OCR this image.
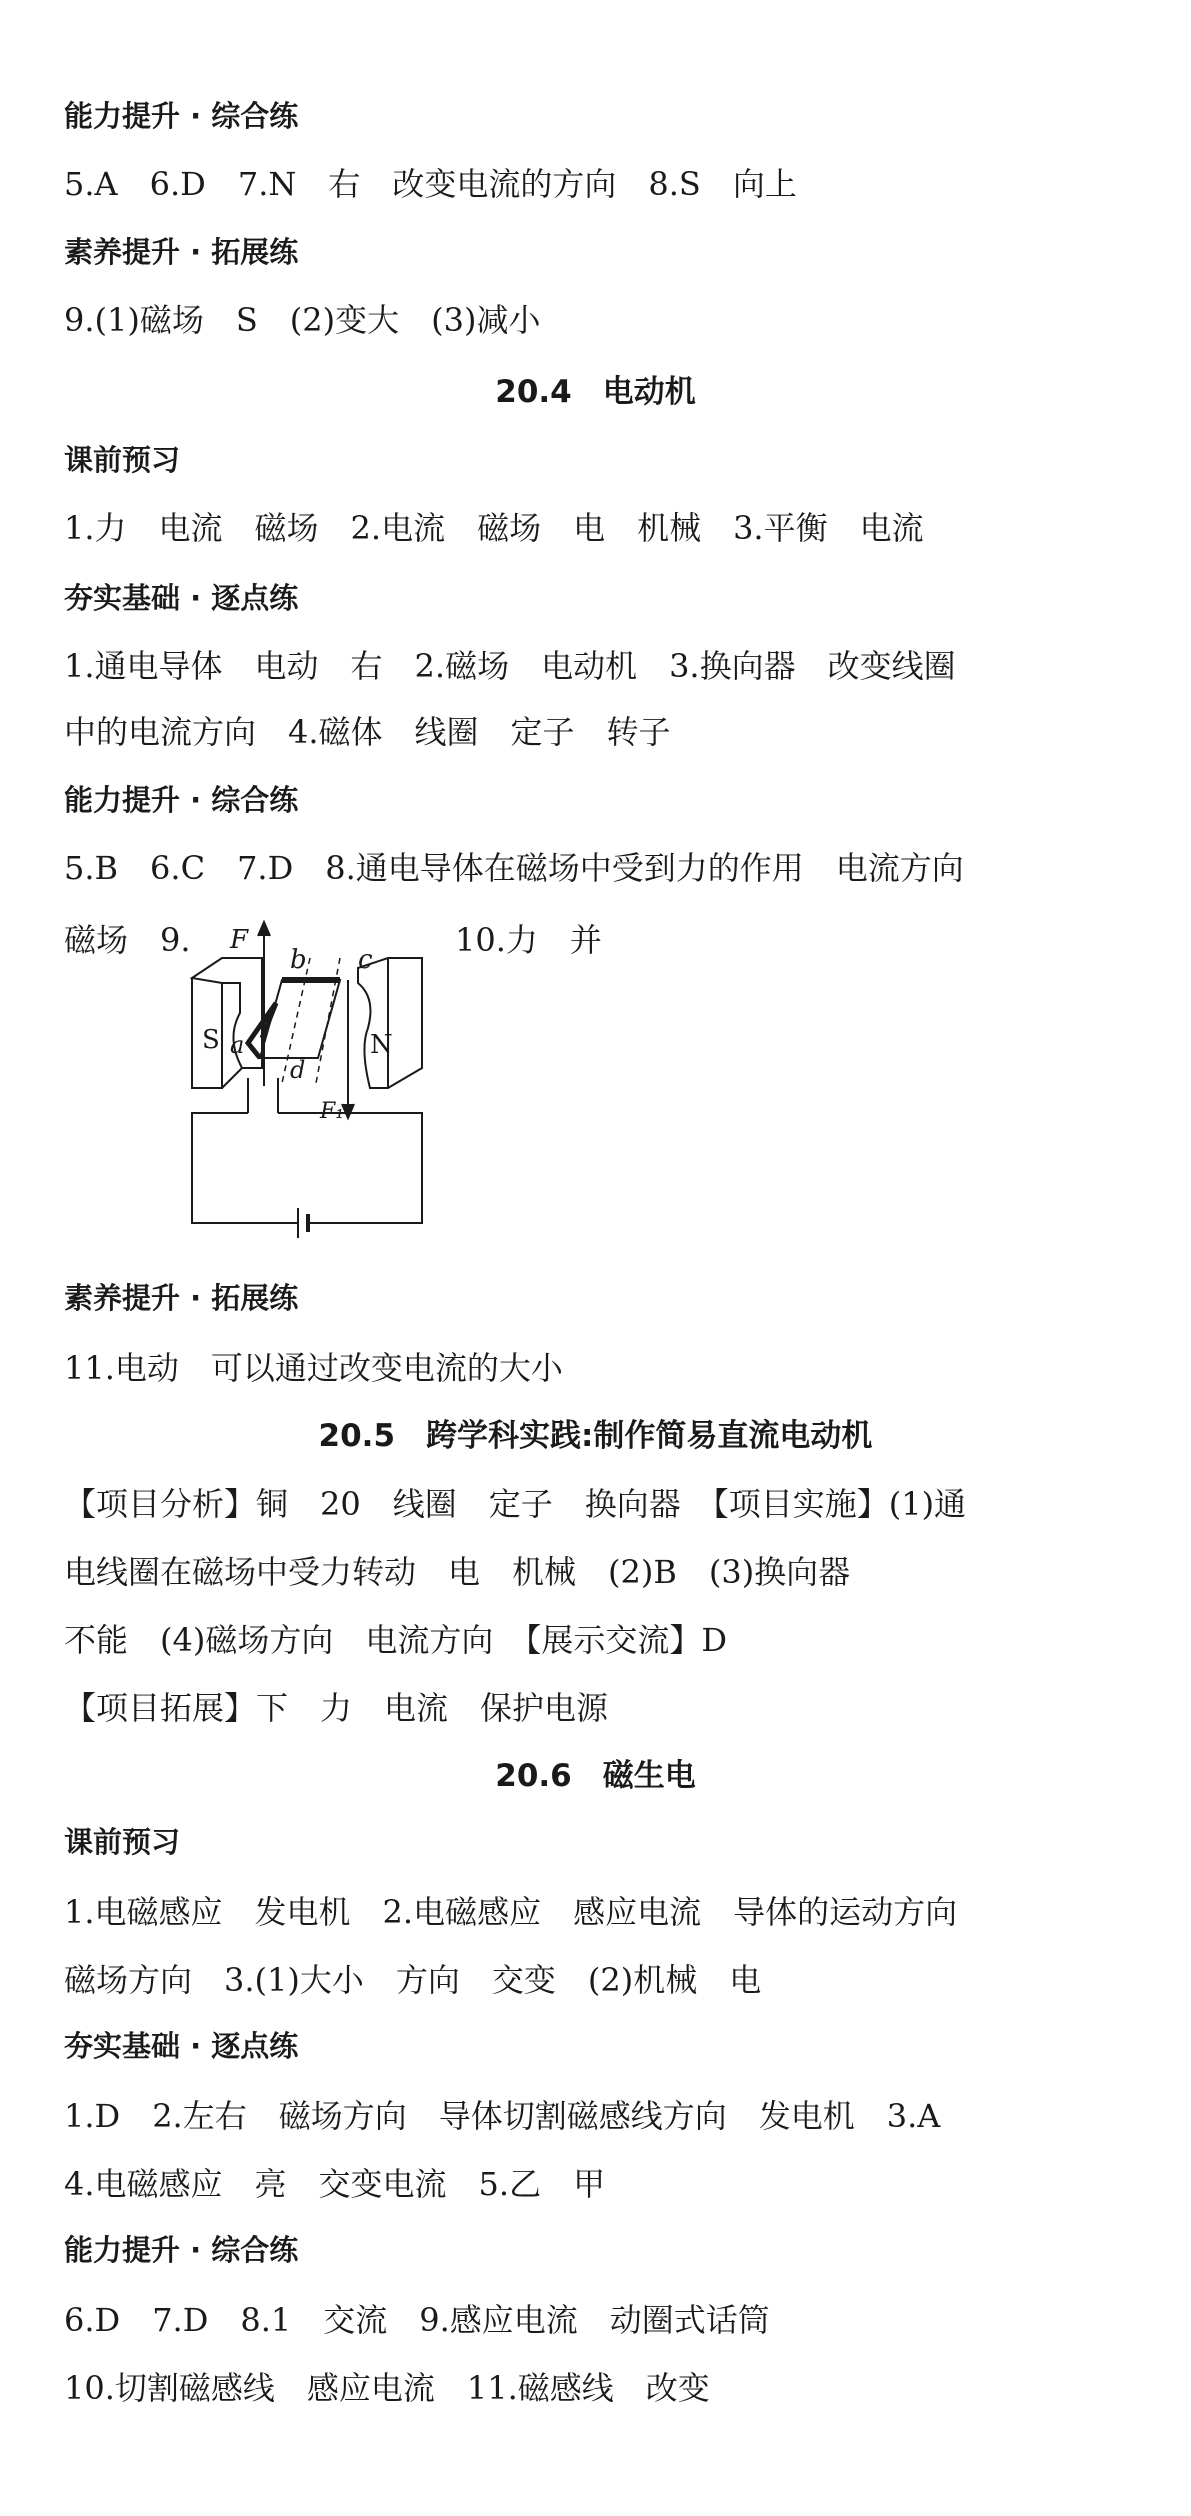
能力提升 · 综合练
5.A　6.D　7.N　右　改变电流的方向　8.S　向上
素养提升 · 拓展练
9.(1)磁场　S　(2)变大　(3)减小
20.4　电动机
课前预习
1.力　电流　磁场　2.电流　磁场　电　机械　3.平衡　电流
夯实基础 · 逐点练
1.通电导体　电动　右　2.磁场　电动机　3.换向器　改变线圈
中的电流方向　4.磁体　线圈　定子　转子
能力提升 · 综合练
5.B　6.C　7.D　8.通电导体在磁场中受到力的作用　电流方向
磁场　9.	10.力　并
F
b c
S a
d
N
F₁
素养提升 · 拓展练
11.电动　可以通过改变电流的大小
20.5　跨学科实践:制作简易直流电动机
【项目分析】铜　20　线圈　定子　换向器　【项目实施】(1)通
电线圈在磁场中受力转动　电　机械　(2)B　(3)换向器
不能　(4)磁场方向　电流方向　【展示交流】D
【项目拓展】下　力　电流　保护电源
20.6　磁生电
课前预习
1.电磁感应　发电机　2.电磁感应　感应电流　导体的运动方向
磁场方向　3.(1)大小　方向　交变　(2)机械　电
夯实基础 · 逐点练
1.D　2.左右　磁场方向　导体切割磁感线方向　发电机　3.A
4.电磁感应　亮　交变电流　5.乙　甲
能力提升 · 综合练
6.D　7.D　8.1　交流　9.感应电流　动圈式话筒
10.切割磁感线　感应电流　11.磁感线　改变
